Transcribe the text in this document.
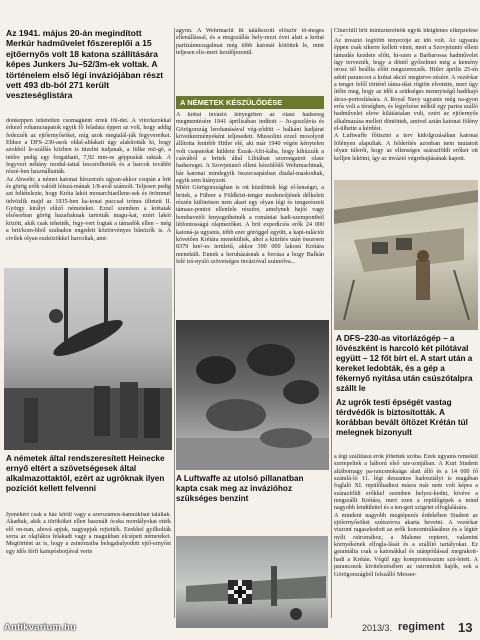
Az 1941. május 20-án megindított Merkúr hadművelet főszereplői a 15 ejtőernyős volt 18 katona szállítására képes Junkers Ju–52/3m-ek voltak. A történelem első légi inváziójában részt vett 493 db-ból 271 került veszteséglistára

donkeppen tehetetlen csomagként értek föl-det. A vitorlázókkal érkező rohamcsapatok egyik fő feladata éppen az volt, hogy addig fedezzék az ejtőernyősöket, míg azok megtalál-ják fegyvereiket. Ehhez a DFS–230-asok oldal-ablakait úgy alakították ki, hogy azokból le-szállás közben is tüzelni tudjanak, a fülke mö-gé, a tetőre pedig egy forgatható, 7,92 mm-es géppuskát raktak. A fegyvert néhány modul-tattal lescerelhették és a harcok további részé-ben használhatták.

Az Abwehr, a német katonai hírszerzés ugyan-akkor csupán a brit és görög erők valódi létszá-mának 1/8-avál számolt. Teljesen pedig azt feltételezte, hogy Kréta lakói monarchiaellene-sek és örömmel üdvözlik majd az 1935-ben ka-tonai puccsal trónra ültetett II. György királyt elűző németeket. Ezzel szemben a krétaiak elsősorban görög hazafiaknak tartották magu-kat, ezért lakói között, akik csak tehették, fegy-vert fogtak a támadók ellen – még a brit/kom-bból szabadon engedett köztörvényes bűnözők is. A civilek olyan eszközökkel harcoltak, ami-

A németek által rendszeresített Heinecke ernyő eltért a szövetségesek által alkalmazottaktól, ezért az ugróknak ilyen pozíciót kellett felvenni

Íyenekért csak a ház körül vagy a szerszámos-kamrákban találtak. Akadtak, akik a törököket ellen használt ócska mordályokat ették elő on-nan, ahová apjuk, nagyapjuk rejtették. Ezekkel gyilkolták sorra az olajfákra felakadt vagy a magukban elcsípett németeket. Megtörtént az is, hogy a zsinórzatba belegabalyodott ejtő-ernyőst egy idős férfi kampósbotjával verte

agyon. A Wehrmacht itt találkozott először tö-meges ellenállással, és a megszállás hely-rezzi évei alatt a krétai partizánmozgalmat még több katonát kötöttek le, mint teljesen elis-mert kezdőjezenül.

A NÉMETEK KÉSZÜLŐDÉSE

A krétai invázió lényegében az olasz hadsereg megmentésére 1941 áprilisában indított – Ju-goszlávia és Görögország lerohanásával vég-ződött – balkáni hadjárat következményeként teljesedett. Mussolini ezzel mosolyott állította fentebb Hitler elé, aki már 1940 végén kénytelen volt csapatokat küldeni Észak-Afri-kába, hogy kihúzzák a csávából a britek által Líbiában szorongatott olasz hadsereget. A Szovjetunió elleni készülődő Wehrmachtnak, bár katonai mindegyik összecsapásban diadal-maskodtak, egyik sem hiányzott.

Miért Görögországban is ott küzdöttek légi el-lenségei, a britek, a Führer a Földközi-tenger medencéjének délkeleti részén különösen nem akart egy olyan légi és tengerészeti támasz-pontot ellenfele részére, amelynek hajói vagy bombavetői fenyegethetnék a romániai hadi-szempontból létfontosságú olajmezőket. A brit expedíciós erők 24 000 katoná-ja ugyanis, több ezer göröggel együtt, a kapi-tulációt követően Krétára menekültek, ahol a kiürítés után összesen 8379 km²-es területű, akkor 390 000 lakosú Krétára menekült. Ennek a beruházásnak a forrása a hogy Balkán felé irá-nyuló szövetséges invázióval számolva...

A Luftwaffe az utolsó pillanatban kapta csak meg az invázióhoz szükséges benzint

Churchill brit miniszterelnök egyik ideiglenes elképzelése

Az invázió legfőbb tényezője az idő volt. Az ugyanis éppen csak sikerre kellett vinni, mert a Szovjetunió elleni támadás kezdete előtt, hi-szen a Barbarossa hadművelet úgy tervezték, hogy a döntő győzelmet még a kemény orosz tél beállta előtt megszerezzék. Hitler április 25-én adott parancsot a krétai akció megterve-zésére. A vezérkar a tenger felől történő táma-dást rögtön elvetette, mert úgy ítélte meg, hogy az időt a szükséges mennyiségű hadihajó átcso-portosítására. A Royal Navy ugyanis még na-gyon erős volt a térségben, és legyőzése nélkül egy partra szálló hadművelet eleve kilátástalan volt, ezért az ejtőernyős alkalmazása mellett döntöttek, amivel aztán katonai fölény el-ülhette a kérdést.

A Luftwaffe főtisztei a terv kidolgozásában katonai fölényen alapultak. A felderítés azonban nem mutatott olyan túlerőt, hogy az ellenséges szárazföldi erőket ott kelljen lekötni, így az invázió végrehajtásának kapott.

A DFS–230-as vitorlázógép – a lövészként is harcoló két pilótával együtt – 12 főt bírt el. A start után a kereket ledobták, és a gép a fékernyő nyitása után csúszótalpra szállt le
Az ugrók testi épségét vastag térdvédők is biztosították. A korábban bevált öltözet Krétán túl melegnek bizonyult

a légi szállítású erők jöhettek szóba. Ezek ugyanis remekül szerepeltek a háború első sze-zonjában. A Kurt Student altábornagy pa-rancsnoksága alatt álló és a 14 000 fő számlá-ló 11. légi deszantos hadosztályt is magában foglaló XI. repülőhadtest másra már nem volt képes a szárazföldi erőkkel szemben helyez-kedni, kivéve a megszállt Krétára, mert ezen a repülőgépek a mind nagyobb lendülettel és a ten-geri szigetet elfoglalására.

A mindent nagyobb megtépezés érdekében Student az ejtőernyősöket szétszórva akarta bevetni. A vezérkar viszont ragaszkodott az erők koncentrálásához és a légtér nyílt ostromához, a Maleme repteret, valamint környékének elfogla-lását és a szállító tartályokat. Ez garantálta csak a katonákkal és utánpótlással megrakott-hadi a Krétán. Végül egy kompromisszum szü-letett. A parancsnok kivitelezésében az ostromlott hajók, sok a Görögországból felszálló Messer-

Antikvarium.hu	2013/3. regiment 13
